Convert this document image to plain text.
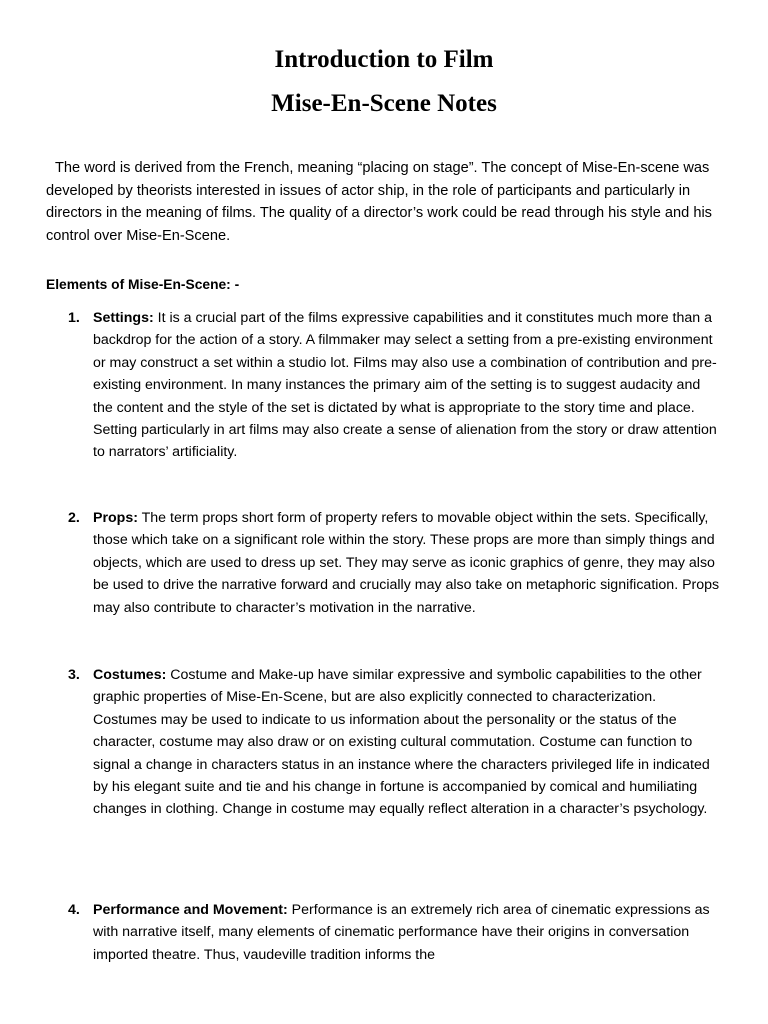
Introduction to Film
Mise-En-Scene Notes

The word is derived from the French, meaning “placing on stage”. The concept of Mise-En-scene was developed by theorists interested in issues of actor ship, in the role of participants and particularly in directors in the meaning of films. The quality of a director’s work could be read through his style and his control over Mise-En-Scene.

Elements of Mise-En-Scene: -

1. Settings: It is a crucial part of the films expressive capabilities and it constitutes much more than a backdrop for the action of a story. A filmmaker may select a setting from a pre-existing environment or may construct a set within a studio lot. Films may also use a combination of contribution and pre-existing environment. In many instances the primary aim of the setting is to suggest audacity and the content and the style of the set is dictated by what is appropriate to the story time and place. Setting particularly in art films may also create a sense of alienation from the story or draw attention to narrators’ artificiality.

2. Props: The term props short form of property refers to movable object within the sets. Specifically, those which take on a significant role within the story. These props are more than simply things and objects, which are used to dress up set. They may serve as iconic graphics of genre, they may also be used to drive the narrative forward and crucially may also take on metaphoric signification. Props may also contribute to character’s motivation in the narrative.

3. Costumes: Costume and Make-up have similar expressive and symbolic capabilities to the other graphic properties of Mise-En-Scene, but are also explicitly connected to characterization. Costumes may be used to indicate to us information about the personality or the status of the character, costume may also draw or on existing cultural commutation. Costume can function to signal a change in characters status in an instance where the characters privileged life in indicated by his elegant suite and tie and his change in fortune is accompanied by comical and humiliating changes in clothing. Change in costume may equally reflect alteration in a character’s psychology.

4. Performance and Movement: Performance is an extremely rich area of cinematic expressions as with narrative itself, many elements of cinematic performance have their origins in conversation imported theatre. Thus, vaudeville tradition informs the
